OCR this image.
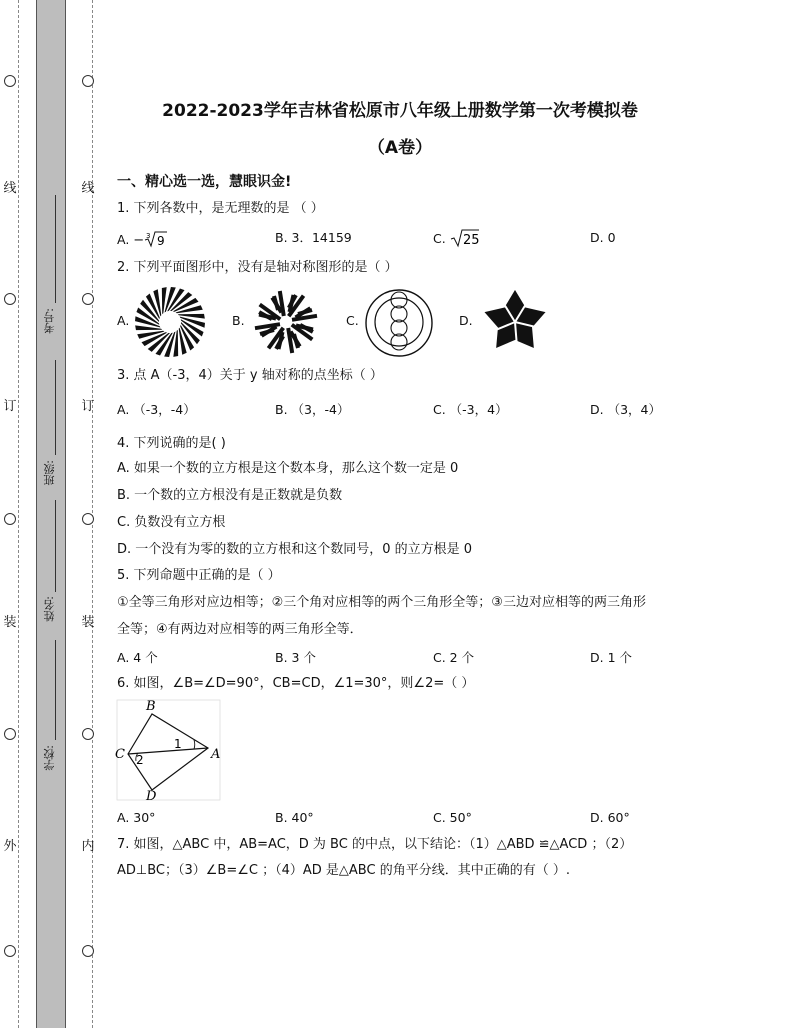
线
订
装
外
线
订
装
内
考号:
班级:
姓名:
学校:
2022-2023学年吉林省松原市八年级上册数学第一次考模拟卷
（A卷）
一、精心选一选，慧眼识金!
1. 下列各数中，是无理数的是 （ ）
A. − 3 9	B. 3．14159	C. 25	D. 0
2. 下列平面图形中，没有是轴对称图形的是（ ）
A.	B.	C.	D.
3. 点 A（-3，4）关于 y 轴对称的点坐标（ ）
A. （-3，-4）	B. （3，-4）	C. （-3，4）	D. （3，4）
4. 下列说确的是( )
A. 如果一个数的立方根是这个数本身，那么这个数一定是 0
B. 一个数的立方根没有是正数就是负数
C. 负数没有立方根
D. 一个没有为零的数的立方根和这个数同号，0 的立方根是 0
5. 下列命题中正确的是（ ）
①全等三角形对应边相等；②三个角对应相等的两个三角形全等；③三边对应相等的两三角形
全等；④有两边对应相等的两三角形全等．
A. 4 个	B. 3 个	C. 2 个	D. 1 个
6. 如图，∠B=∠D=90°，CB=CD，∠1=30°，则∠2=（ ）
B
C
D
A
1
2
A. 30°	B. 40°	C. 50°	D. 60°
7. 如图，△ABC 中，AB=AC，D 为 BC 的中点，以下结论：（1）△ABD ≌△ACD ；（2）
AD⊥BC；（3）∠B=∠C ；（4）AD 是△ABC 的角平分线．其中正确的有（ ）.
